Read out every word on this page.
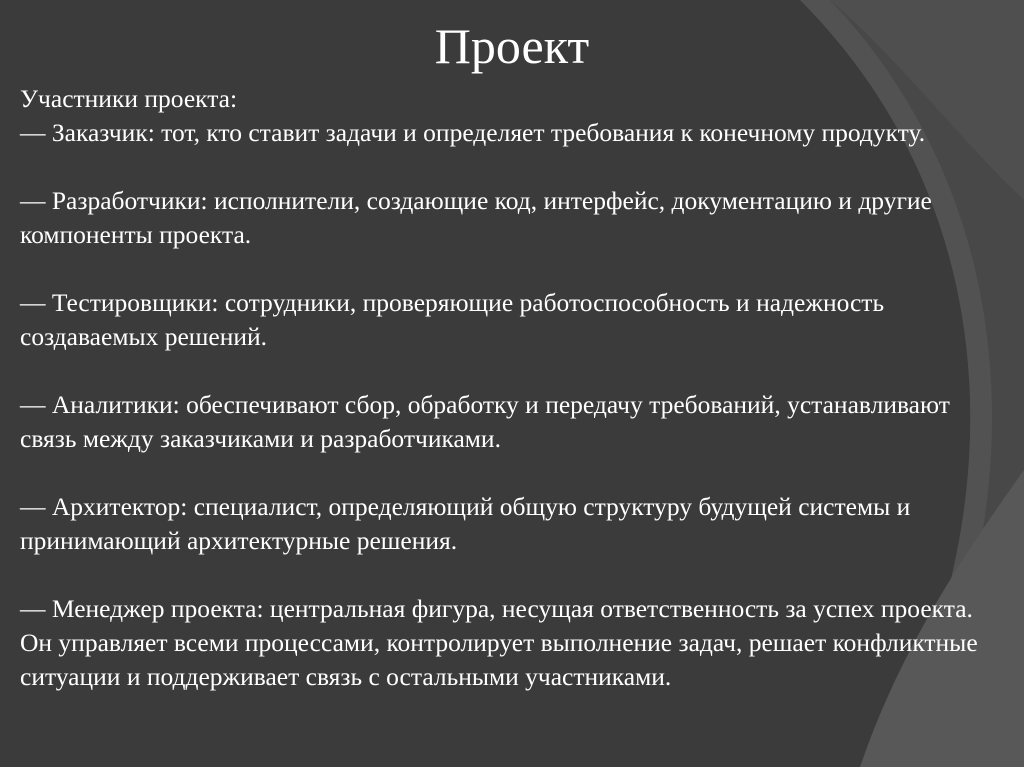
Проект

Участники проекта:

— Заказчик: тот, кто ставит задачи и определяет требования к конечному продукту.

— Разработчики: исполнители, создающие код, интерфейс, документацию и другие компоненты проекта.

— Тестировщики: сотрудники, проверяющие работоспособность и надежность создаваемых решений.

— Аналитики: обеспечивают сбор, обработку и передачу требований, устанавливают связь между заказчиками и разработчиками.

— Архитектор: специалист, определяющий общую структуру будущей системы и принимающий архитектурные решения.

— Менеджер проекта: центральная фигура, несущая ответственность за успех проекта. Он управляет всеми процессами, контролирует выполнение задач, решает конфликтные ситуации и поддерживает связь с остальными участниками.
